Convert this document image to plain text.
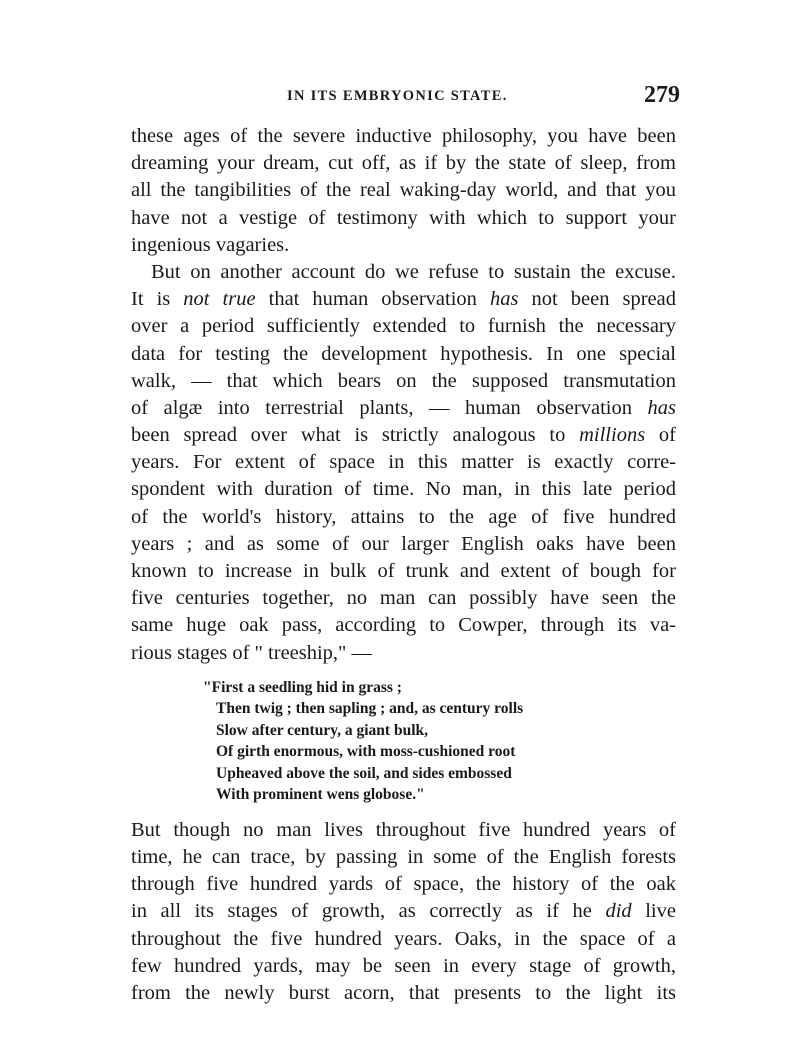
IN ITS EMBRYONIC STATE.	279
these ages of the severe inductive philosophy, you have been
dreaming your dream, cut off, as if by the state of sleep, from
all the tangibilities of the real waking-day world, and that you
have not a vestige of testimony with which to support your
ingenious vagaries.
But on another account do we refuse to sustain the excuse.
It is not true that human observation has not been spread
over a period sufficiently extended to furnish the necessary
data for testing the development hypothesis. In one special
walk, — that which bears on the supposed transmutation
of algæ into terrestrial plants, — human observation has
been spread over what is strictly analogous to millions of
years. For extent of space in this matter is exactly corre-
spondent with duration of time. No man, in this late period
of the world's history, attains to the age of five hundred
years ; and as some of our larger English oaks have been
known to increase in bulk of trunk and extent of bough for
five centuries together, no man can possibly have seen the
same huge oak pass, according to Cowper, through its va-
rious stages of " treeship," —
"First a seedling hid in grass ;
Then twig ; then sapling ; and, as century rolls
Slow after century, a giant bulk,
Of girth enormous, with moss-cushioned root
Upheaved above the soil, and sides embossed
With prominent wens globose."
But though no man lives throughout five hundred years of
time, he can trace, by passing in some of the English forests
through five hundred yards of space, the history of the oak
in all its stages of growth, as correctly as if he did live
throughout the five hundred years. Oaks, in the space of a
few hundred yards, may be seen in every stage of growth,
from the newly burst acorn, that presents to the light its
